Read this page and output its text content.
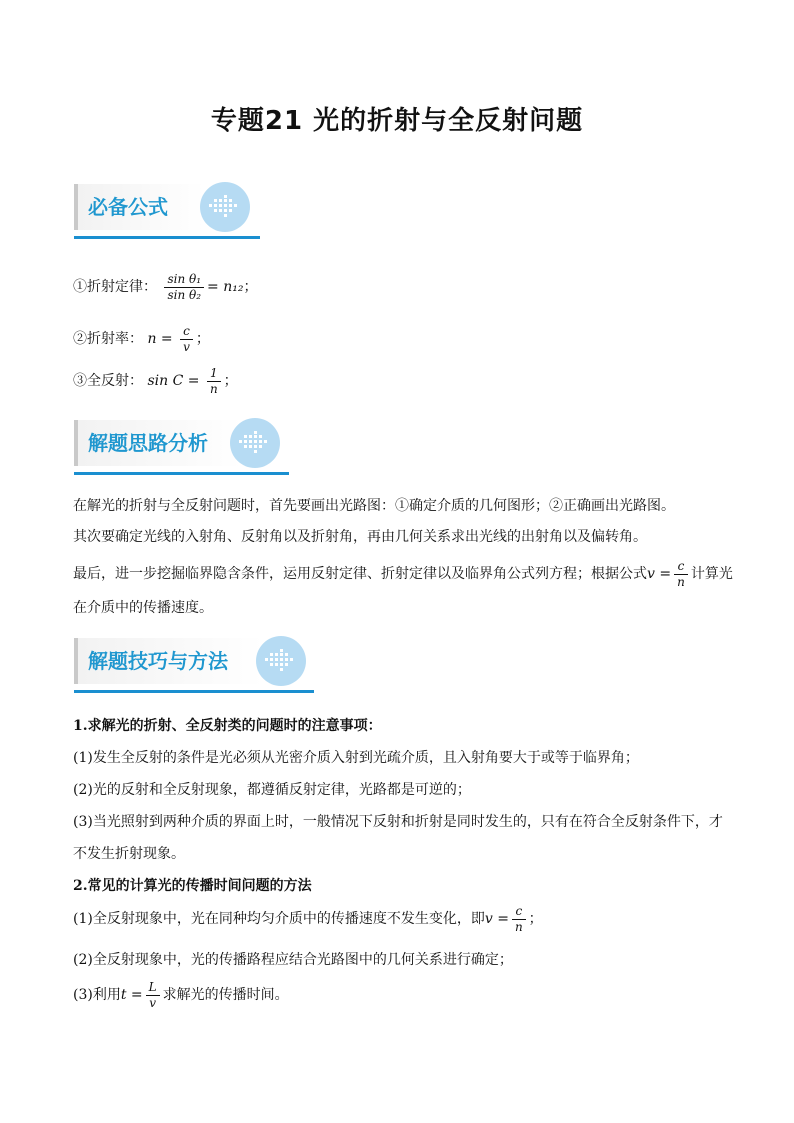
专题21 光的折射与全反射问题
必备公式
①折射定律： $\frac{\text{sin θ₁}}{\text{sin θ₂}} = n_{12}$；
②折射率： $n = \frac{c}{v}$ ；
③全反射： $\sin C = \frac{1}{n}$ ；
解题思路分析
在解光的折射与全反射问题时，首先要画出光路图：①确定介质的几何图形；②正确画出光路图。
其次要确定光线的入射角、反射角以及折射角，再由几何关系求出光线的出射角以及偏转角。
最后，进一步挖掘临界隐含条件，运用反射定律、折射定律以及临界角公式列方程；根据公式$v = \frac{c}{n}$ 计算光
在介质中的传播速度。
解题技巧与方法
1.求解光的折射、全反射类的问题时的注意事项：
(1)发生全反射的条件是光必须从光密介质入射到光疏介质，且入射角要大于或等于临界角；
(2)光的反射和全反射现象，都遵循反射定律，光路都是可逆的；
(3)当光照射到两种介质的界面上时，一般情况下反射和折射是同时发生的，只有在符合全反射条件下，才
不发生折射现象。
2.常见的计算光的传播时间问题的方法
(1)全反射现象中，光在同种均匀介质中的传播速度不发生变化，即$v = \frac{c}{n}$ ；
(2)全反射现象中，光的传播路程应结合光路图中的几何关系进行确定；
(3)利用$t = \frac{L}{v}$ 求解光的传播时间。
